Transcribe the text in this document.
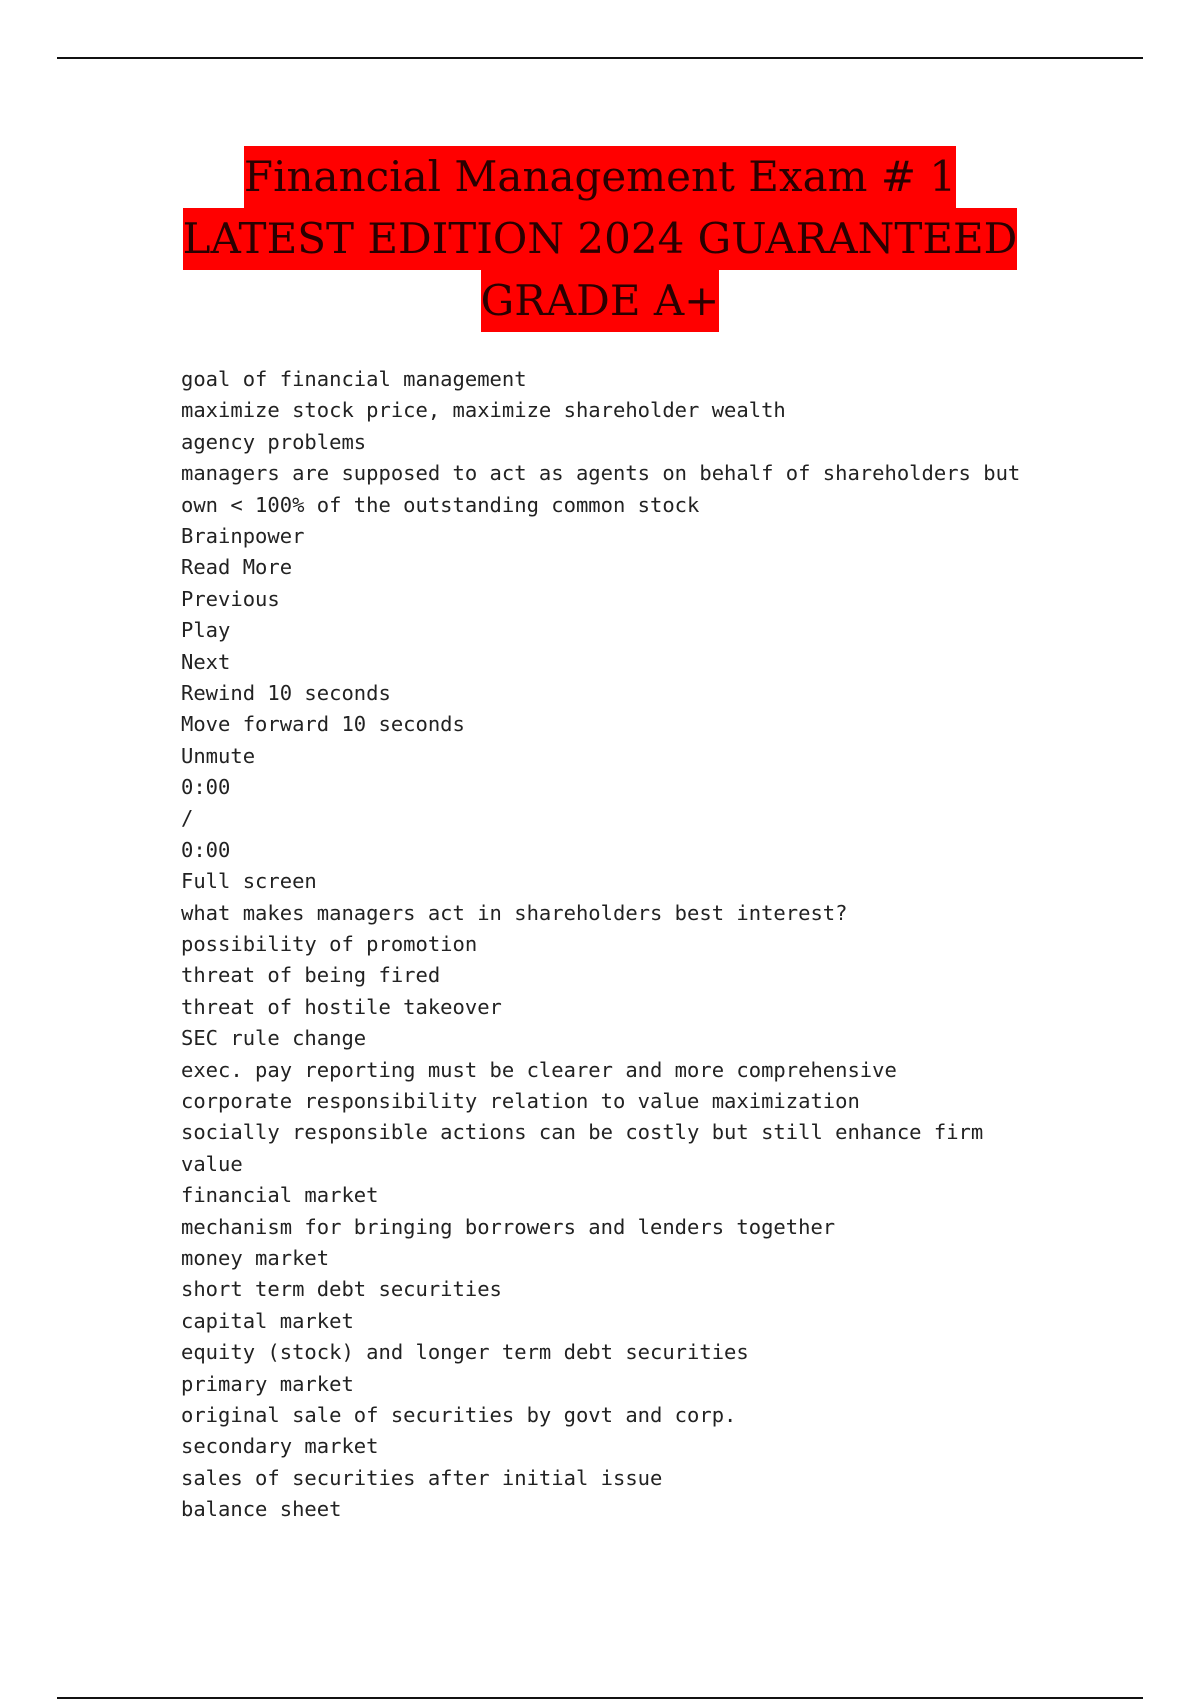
Financial Management Exam # 1
LATEST EDITION 2024 GUARANTEED
GRADE A+
goal of financial management
maximize stock price, maximize shareholder wealth
agency problems
managers are supposed to act as agents on behalf of shareholders but
own < 100% of the outstanding common stock
Brainpower
Read More
Previous
Play
Next
Rewind 10 seconds
Move forward 10 seconds
Unmute
0:00
/
0:00
Full screen
what makes managers act in shareholders best interest?
possibility of promotion
threat of being fired
threat of hostile takeover
SEC rule change
exec. pay reporting must be clearer and more comprehensive
corporate responsibility relation to value maximization
socially responsible actions can be costly but still enhance firm
value
financial market
mechanism for bringing borrowers and lenders together
money market
short term debt securities
capital market
equity (stock) and longer term debt securities
primary market
original sale of securities by govt and corp.
secondary market
sales of securities after initial issue
balance sheet
